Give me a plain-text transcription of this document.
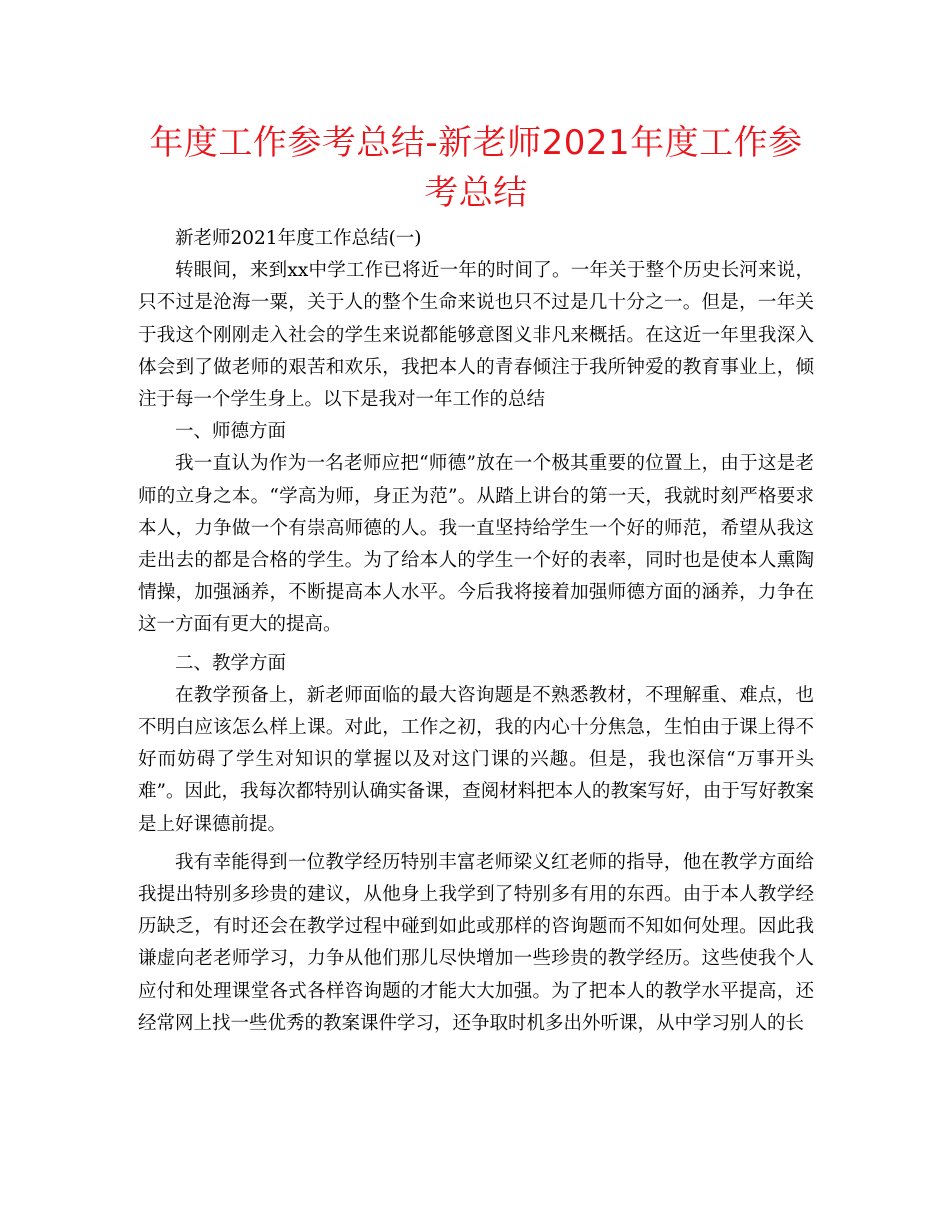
年度工作参考总结-新老师2021年度工作参考总结

新老师2021年度工作总结(一)

转眼间，来到xx中学工作已将近一年的时间了。一年关于整个历史长河来说，只不过是沧海一粟，关于人的整个生命来说也只不过是几十分之一。但是，一年关于我这个刚刚走入社会的学生来说都能够意图义非凡来概括。在这近一年里我深入体会到了做老师的艰苦和欢乐，我把本人的青春倾注于我所钟爱的教育事业上，倾注于每一个学生身上。以下是我对一年工作的总结

一、师德方面

我一直认为作为一名老师应把“师德”放在一个极其重要的位置上，由于这是老师的立身之本。“学高为师，身正为范”。从踏上讲台的第一天，我就时刻严格要求本人，力争做一个有崇高师德的人。我一直坚持给学生一个好的师范，希望从我这走出去的都是合格的学生。为了给本人的学生一个好的表率，同时也是使本人熏陶情操，加强涵养，不断提高本人水平。今后我将接着加强师德方面的涵养，力争在这一方面有更大的提高。

二、教学方面

在教学预备上，新老师面临的最大咨询题是不熟悉教材，不理解重、难点，也不明白应该怎么样上课。对此，工作之初，我的内心十分焦急，生怕由于课上得不好而妨碍了学生对知识的掌握以及对这门课的兴趣。但是，我也深信“万事开头难”。因此，我每次都特别认确实备课，查阅材料把本人的教案写好，由于写好教案是上好课德前提。

我有幸能得到一位教学经历特别丰富老师梁义红老师的指导，他在教学方面给我提出特别多珍贵的建议，从他身上我学到了特别多有用的东西。由于本人教学经历缺乏，有时还会在教学过程中碰到如此或那样的咨询题而不知如何处理。因此我谦虚向老老师学习，力争从他们那儿尽快增加一些珍贵的教学经历。这些使我个人应付和处理课堂各式各样咨询题的才能大大加强。为了把本人的教学水平提高，还经常网上找一些优秀的教案课件学习，还争取时机多出外听课，从中学习别人的长
